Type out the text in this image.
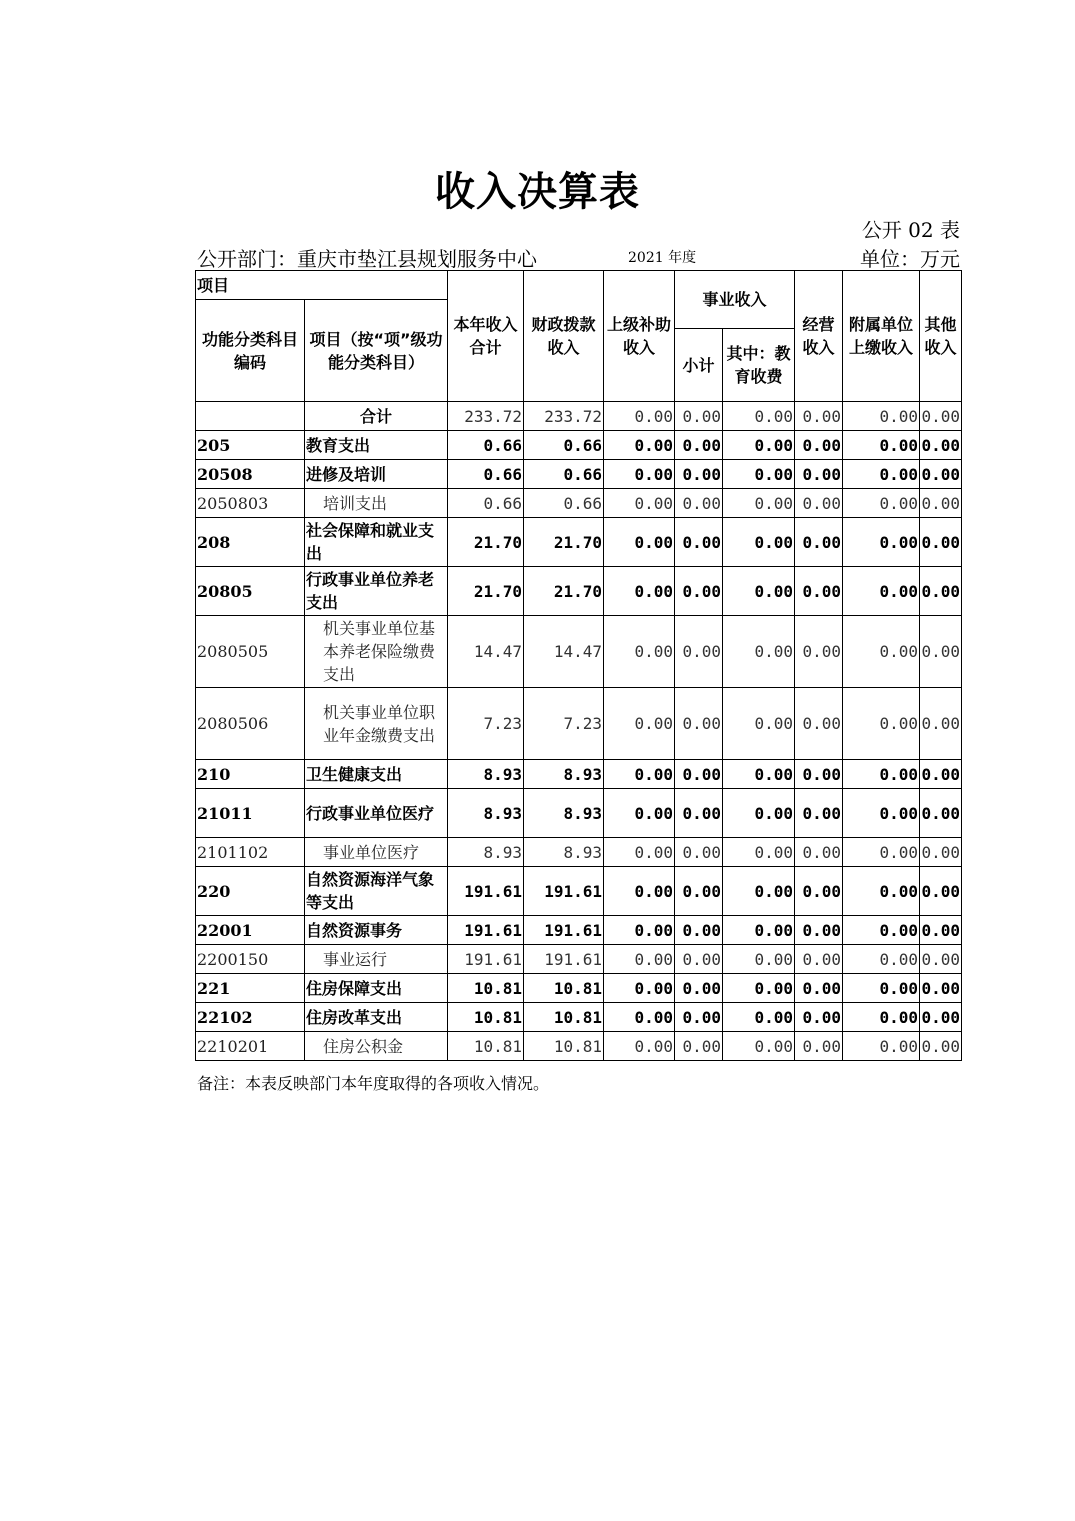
收入决算表
公开 02 表
公开部门：重庆市垫江县规划服务中心	2021 年度	单位：万元
项目		本年收入合计	财政拨款收入	上级补助收入	事业收入		经营收入	附属单位上缴收入	其他收入
功能分类科目编码	项目（按“项”级功能分类科目）								
					小计	其中：教育收费			
	合计	233.72	233.72	0.00	0.00	0.00	0.00	0.00	0.00
205	教育支出	0.66	0.66	0.00	0.00	0.00	0.00	0.00	0.00
20508	进修及培训	0.66	0.66	0.00	0.00	0.00	0.00	0.00	0.00
2050803	培训支出	0.66	0.66	0.00	0.00	0.00	0.00	0.00	0.00
208	社会保障和就业支出	21.70	21.70	0.00	0.00	0.00	0.00	0.00	0.00
20805	行政事业单位养老支出	21.70	21.70	0.00	0.00	0.00	0.00	0.00	0.00
2080505	机关事业单位基本养老保险缴费支出	14.47	14.47	0.00	0.00	0.00	0.00	0.00	0.00
2080506	机关事业单位职业年金缴费支出	7.23	7.23	0.00	0.00	0.00	0.00	0.00	0.00
210	卫生健康支出	8.93	8.93	0.00	0.00	0.00	0.00	0.00	0.00
21011	行政事业单位医疗	8.93	8.93	0.00	0.00	0.00	0.00	0.00	0.00
2101102	事业单位医疗	8.93	8.93	0.00	0.00	0.00	0.00	0.00	0.00
220	自然资源海洋气象等支出	191.61	191.61	0.00	0.00	0.00	0.00	0.00	0.00
22001	自然资源事务	191.61	191.61	0.00	0.00	0.00	0.00	0.00	0.00
2200150	事业运行	191.61	191.61	0.00	0.00	0.00	0.00	0.00	0.00
221	住房保障支出	10.81	10.81	0.00	0.00	0.00	0.00	0.00	0.00
22102	住房改革支出	10.81	10.81	0.00	0.00	0.00	0.00	0.00	0.00
2210201	住房公积金	10.81	10.81	0.00	0.00	0.00	0.00	0.00	0.00
备注：本表反映部门本年度取得的各项收入情况。
